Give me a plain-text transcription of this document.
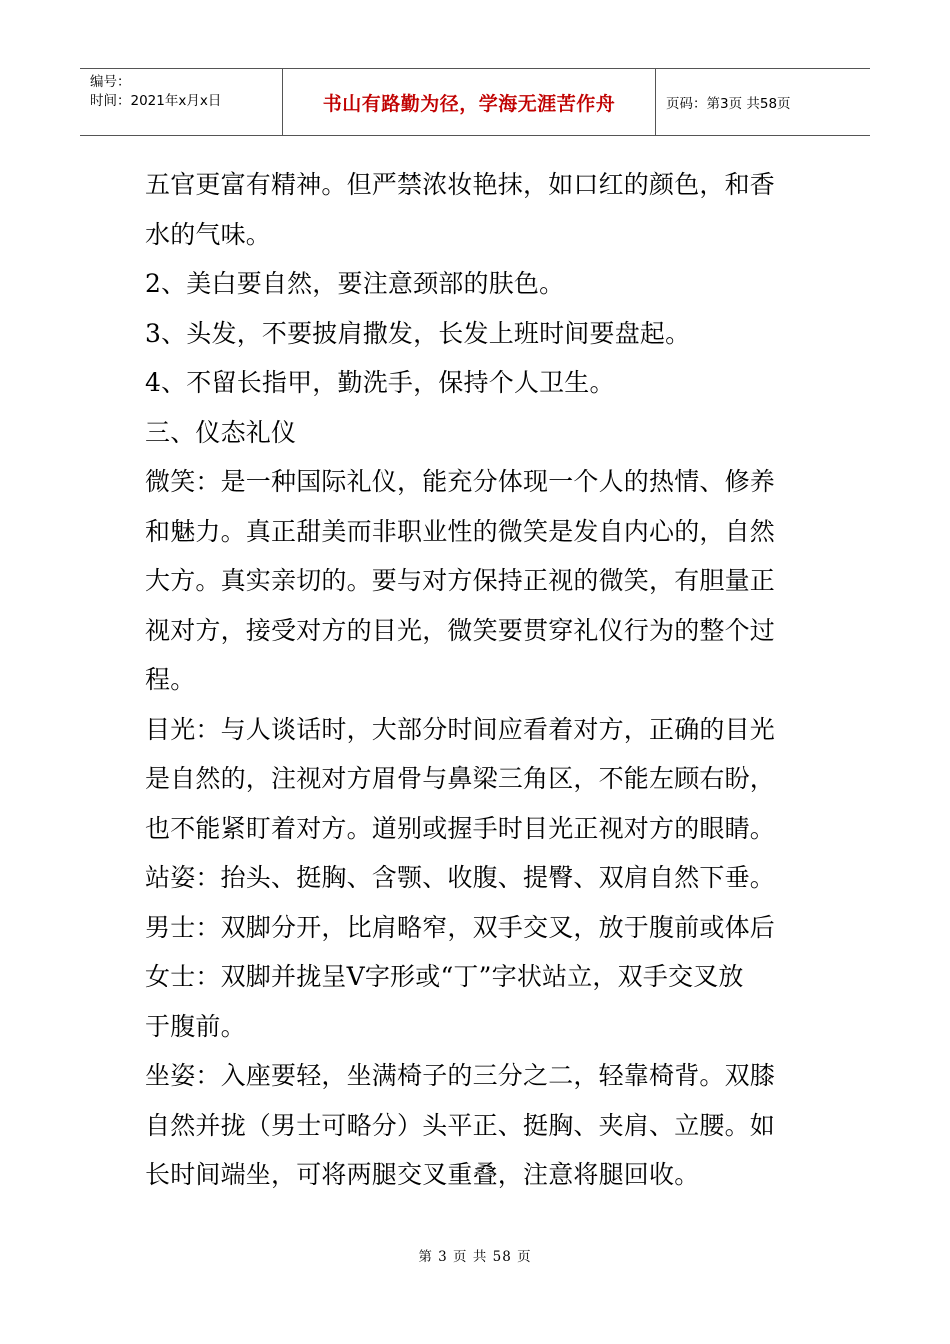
编号：
时间：2021年x月x日	书山有路勤为径，学海无涯苦作舟	页码：第3页 共58页

五官更富有精神。但严禁浓妆艳抹，如口红的颜色，和香

水的气味。

2、美白要自然，要注意颈部的肤色。

3、头发，不要披肩撒发，长发上班时间要盘起。

4、不留长指甲，勤洗手，保持个人卫生。

三、仪态礼仪

微笑：是一种国际礼仪，能充分体现一个人的热情、修养

和魅力。真正甜美而非职业性的微笑是发自内心的，自然

大方。真实亲切的。要与对方保持正视的微笑，有胆量正

视对方，接受对方的目光，微笑要贯穿礼仪行为的整个过

程。

目光：与人谈话时，大部分时间应看着对方，正确的目光

是自然的，注视对方眉骨与鼻梁三角区，不能左顾右盼，

也不能紧盯着对方。道别或握手时目光正视对方的眼睛。

站姿：抬头、挺胸、含颚、收腹、提臀、双肩自然下垂。

男士：双脚分开，比肩略窄，双手交叉，放于腹前或体后

女士：双脚并拢呈V字形或“丁”字状站立，双手交叉放

于腹前。

坐姿：入座要轻，坐满椅子的三分之二，轻靠椅背。双膝

自然并拢（男士可略分）头平正、挺胸、夹肩、立腰。如

长时间端坐，可将两腿交叉重叠，注意将腿回收。

第 3 页 共 58 页
